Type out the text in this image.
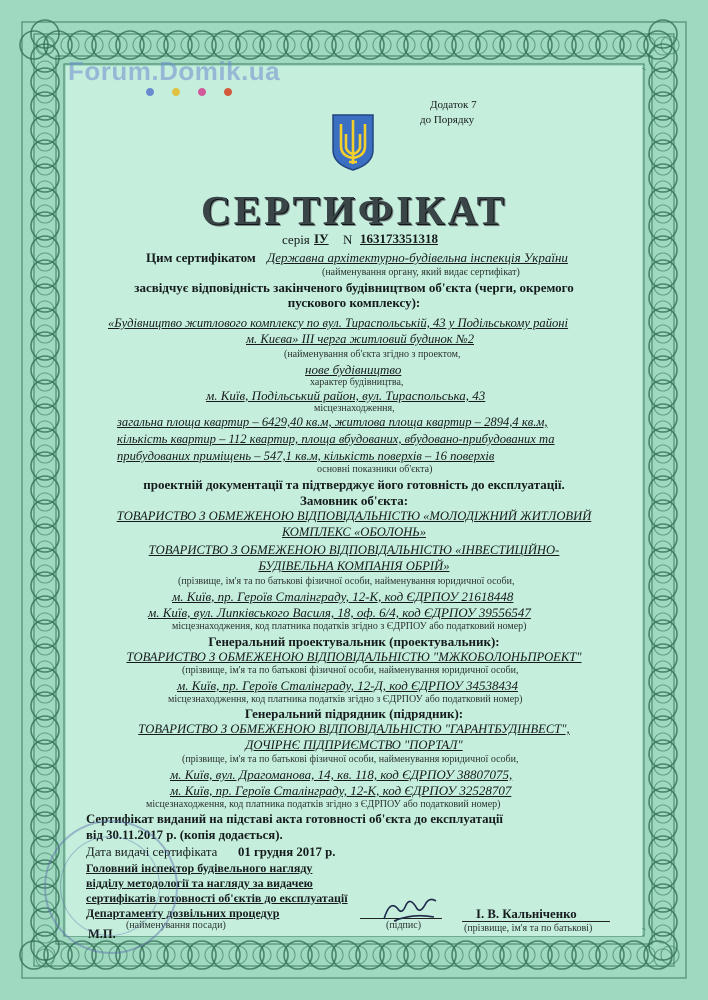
Forum.Domik.ua
Додаток 7
до Порядку
СЕРТИФІКАТ
серія ІУ N 163173351318
Цим сертифікатом Державна архітектурно-будівельна інспекція України
(найменування органу, який видає сертифікат)
засвідчує відповідність закінченого будівництвом об'єкта (черги, окремого
пускового комплексу):
«Будівництво житлового комплексу по вул. Тираспольській, 43 у Подільському районі
м. Києва» ІІІ черга житловий будинок №2
(найменування об'єкта згідно з проектом,
нове будівництво
характер будівництва,
м. Київ, Подільський район, вул. Тираспольська, 43
місцезнаходження,
загальна площа квартир – 6429,40 кв.м, житлова площа квартир – 2894,4 кв.м,
кількість квартир – 112 квартир, площа вбудованих, вбудовано-прибудованих та
прибудованих приміщень – 547,1 кв.м, кількість поверхів – 16 поверхів
основні показники об'єкта)
проектній документації та підтверджує його готовність до експлуатації.
Замовник об'єкта:
ТОВАРИСТВО З ОБМЕЖЕНОЮ ВІДПОВІДАЛЬНІСТЮ «МОЛОДІЖНИЙ ЖИТЛОВИЙ
КОМПЛЕКС «ОБОЛОНЬ»
ТОВАРИСТВО З ОБМЕЖЕНОЮ ВІДПОВІДАЛЬНІСТЮ «ІНВЕСТИЦІЙНО-
БУДІВЕЛЬНА КОМПАНІЯ ОБРІЙ»
(прізвище, ім'я та по батькові фізичної особи, найменування юридичної особи,
м. Київ, пр. Героїв Сталінграду, 12-К, код ЄДРПОУ 21618448
м. Київ, вул. Липківського Василя, 18, оф. 6/4, код ЄДРПОУ 39556547
місцезнаходження, код платника податків згідно з ЄДРПОУ або податковий номер)
Генеральний проектувальник (проектувальник):
ТОВАРИСТВО З ОБМЕЖЕНОЮ ВІДПОВІДАЛЬНІСТЮ "МЖКОБОЛОНЬПРОЕКТ"
(прізвище, ім'я та по батькові фізичної особи, найменування юридичної особи,
м. Київ, пр. Героїв Сталінграду, 12-Д, код ЄДРПОУ 34538434
місцезнаходження, код платника податків згідно з ЄДРПОУ або податковий номер)
Генеральний підрядник (підрядник):
ТОВАРИСТВО З ОБМЕЖЕНОЮ ВІДПОВІДАЛЬНІСТЮ "ГАРАНТБУДІНВЕСТ",
ДОЧІРНЄ ПІДПРИЄМСТВО "ПОРТАЛ"
(прізвище, ім'я та по батькові фізичної особи, найменування юридичної особи,
м. Київ, вул. Драгоманова, 14, кв. 118, код ЄДРПОУ 38807075,
м. Київ, пр. Героїв Сталінграду, 12-К, код ЄДРПОУ 32528707
місцезнаходження, код платника податків згідно з ЄДРПОУ або податковий номер)
Сертифікат виданий на підставі акта готовності об'єкта до експлуатації
від 30.11.2017 р. (копія додається).
Дата видачі сертифіката 01 грудня 2017 р.
Головний інспектор будівельного нагляду
відділу методології та нагляду за видачею
сертифікатів готовності об'єктів до експлуатації
Департаменту дозвільних процедур
(найменування посади)	(підпис)
І. В. Кальніченко
(прізвище, ім'я та по батькові)
М.П.
